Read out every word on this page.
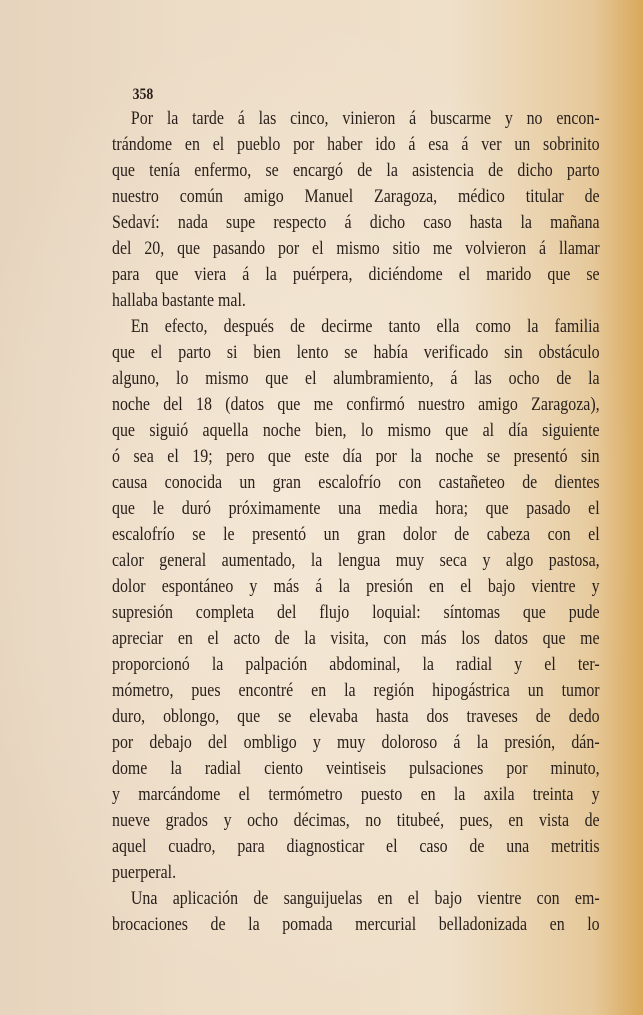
358

Por la tarde á las cinco, vinieron á buscarme y no encon-
trándome en el pueblo por haber ido á esa á ver un sobrinito
que tenía enfermo, se encargó de la asistencia de dicho parto
nuestro común amigo Manuel Zaragoza, médico titular de
Sedaví: nada supe respecto á dicho caso hasta la mañana
del 20, que pasando por el mismo sitio me volvieron á llamar
para que viera á la puérpera, diciéndome el marido que se
hallaba bastante mal.

En efecto, después de decirme tanto ella como la familia
que el parto si bien lento se había verificado sin obstáculo
alguno, lo mismo que el alumbramiento, á las ocho de la
noche del 18 (datos que me confirmó nuestro amigo Zaragoza),
que siguió aquella noche bien, lo mismo que al día siguiente
ó sea el 19; pero que este día por la noche se presentó sin
causa conocida un gran escalofrío con castañeteo de dientes
que le duró próximamente una media hora; que pasado el
escalofrío se le presentó un gran dolor de cabeza con el
calor general aumentado, la lengua muy seca y algo pastosa,
dolor espontáneo y más á la presión en el bajo vientre y
supresión completa del flujo loquial: síntomas que pude
apreciar en el acto de la visita, con más los datos que me
proporcionó la palpación abdominal, la radial y el ter-
mómetro, pues encontré en la región hipogástrica un tumor
duro, oblongo, que se elevaba hasta dos traveses de dedo
por debajo del ombligo y muy doloroso á la presión, dán-
dome la radial ciento veintiseis pulsaciones por minuto,
y marcándome el termómetro puesto en la axila treinta y
nueve grados y ocho décimas, no titubeé, pues, en vista de
aquel cuadro, para diagnosticar el caso de una metritis
puerperal.

Una aplicación de sanguijuelas en el bajo vientre con em-
brocaciones de la pomada mercurial belladonizada en lo
